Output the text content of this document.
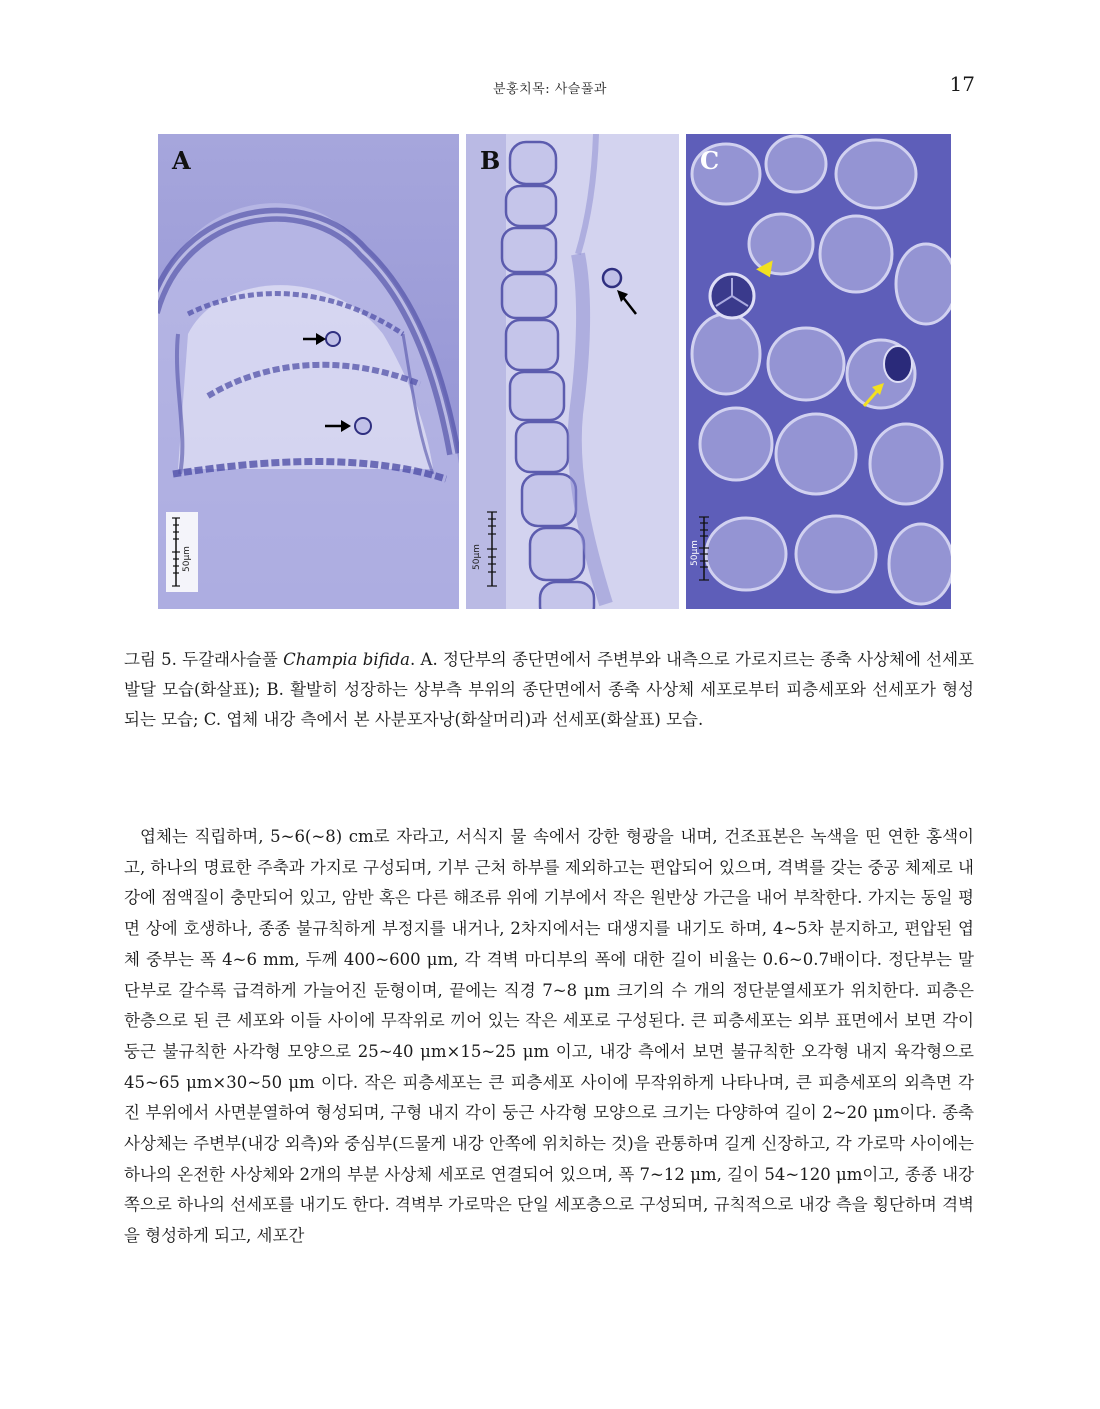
분홍치목: 사슬풀과	17
A
50μm
B
50μm
C
50μm
그림 5. 두갈래사슬풀 Champia bifida. A. 정단부의 종단면에서 주변부와 내측으로 가로지르는 종축 사상체에 선세포 발달 모습(화살표); B. 활발히 성장하는 상부측 부위의 종단면에서 종축 사상체 세포로부터 피층세포와 선세포가 형성되는 모습; C. 엽체 내강 측에서 본 사분포자낭(화살머리)과 선세포(화살표) 모습.
엽체는 직립하며, 5~6(~8) cm로 자라고, 서식지 물 속에서 강한 형광을 내며, 건조표본은 녹색을 띤 연한 홍색이고, 하나의 명료한 주축과 가지로 구성되며, 기부 근처 하부를 제외하고는 편압되어 있으며, 격벽를 갖는 중공 체제로 내강에 점액질이 충만되어 있고, 암반 혹은 다른 해조류 위에 기부에서 작은 원반상 가근을 내어 부착한다. 가지는 동일 평면 상에 호생하나, 종종 불규칙하게 부정지를 내거나, 2차지에서는 대생지를 내기도 하며, 4~5차 분지하고, 편압된 엽체 중부는 폭 4~6 mm, 두께 400~600 μm, 각 격벽 마디부의 폭에 대한 길이 비율는 0.6~0.7배이다. 정단부는 말단부로 갈수록 급격하게 가늘어진 둔형이며, 끝에는 직경 7~8 μm 크기의 수 개의 정단분열세포가 위치한다. 피층은 한층으로 된 큰 세포와 이들 사이에 무작위로 끼어 있는 작은 세포로 구성된다. 큰 피층세포는 외부 표면에서 보면 각이 둥근 불규칙한 사각형 모양으로 25~40 μm×15~25 μm 이고, 내강 측에서 보면 불규칙한 오각형 내지 육각형으로 45~65 μm×30~50 μm 이다. 작은 피층세포는 큰 피층세포 사이에 무작위하게 나타나며, 큰 피층세포의 외측면 각진 부위에서 사면분열하여 형성되며, 구형 내지 각이 둥근 사각형 모양으로 크기는 다양하여 길이 2~20 μm이다. 종축 사상체는 주변부(내강 외측)와 중심부(드물게 내강 안쪽에 위치하는 것)을 관통하며 길게 신장하고, 각 가로막 사이에는 하나의 온전한 사상체와 2개의 부분 사상체 세포로 연결되어 있으며, 폭 7~12 μm, 길이 54~120 μm이고, 종종 내강 쪽으로 하나의 선세포를 내기도 한다. 격벽부 가로막은 단일 세포층으로 구성되며, 규칙적으로 내강 측을 횡단하며 격벽을 형성하게 되고, 세포간
